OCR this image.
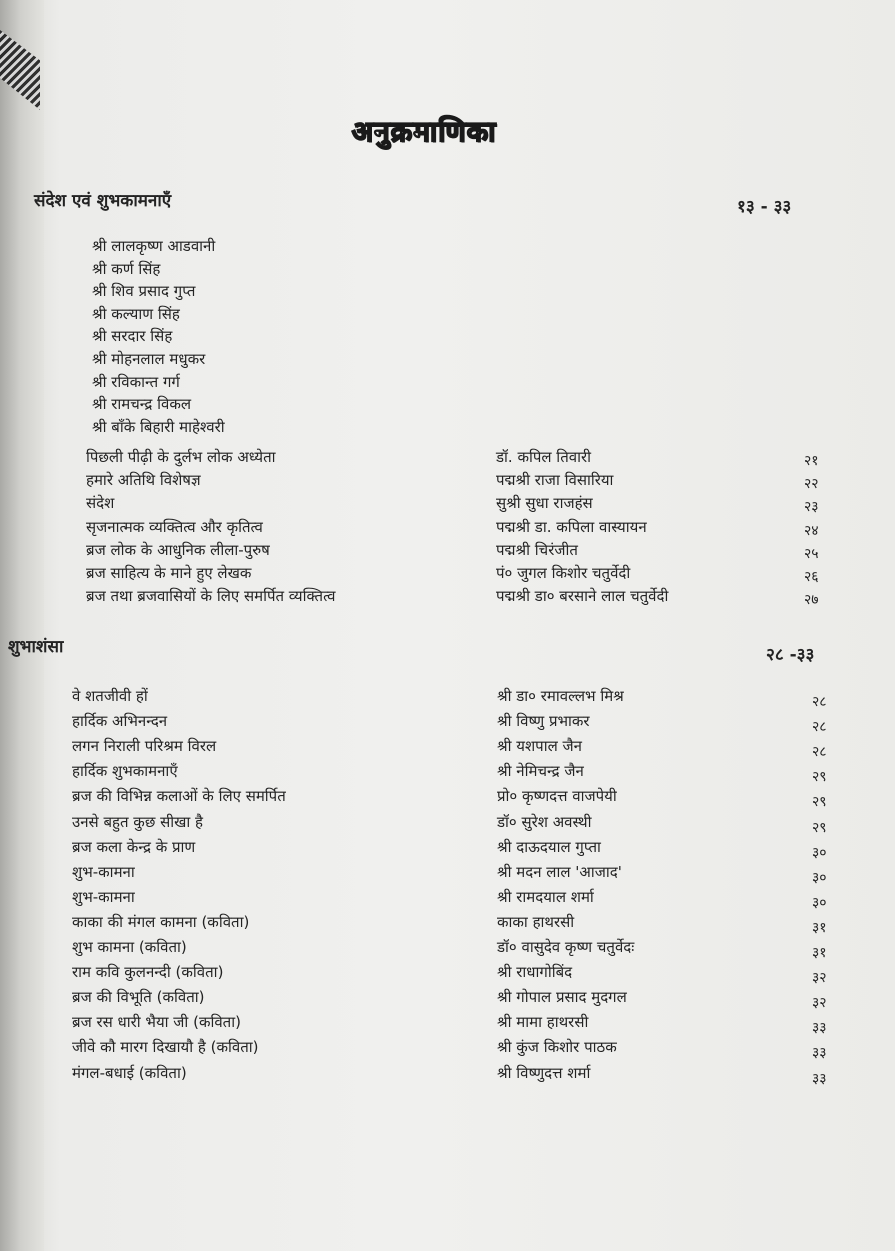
अनुक्रमाणिका
संदेश एवं शुभकामनाएँ	१३ - ३३
श्री लालकृष्ण आडवानी
श्री कर्ण सिंह
श्री शिव प्रसाद गुप्त
श्री कल्याण सिंह
श्री सरदार सिंह
श्री मोहनलाल मधुकर
श्री रविकान्त गर्ग
श्री रामचन्द्र विकल
श्री बाँके बिहारी माहेश्वरी
पिछली पीढ़ी के दुर्लभ लोक अध्येता	डॉ. कपिल तिवारी	२१
हमारे अतिथि विशेषज्ञ	पद्मश्री राजा विसारिया	२२
संदेश	सुश्री सुधा राजहंस	२३
सृजनात्मक व्यक्तित्व और कृतित्व	पद्मश्री डा. कपिला वास्यायन	२४
ब्रज लोक के आधुनिक लीला-पुरुष	पद्मश्री चिरंजीत	२५
ब्रज साहित्य के माने हुए लेखक	पं० जुगल किशोर चतुर्वेदी	२६
ब्रज तथा ब्रजवासियों के लिए समर्पित व्यक्तित्व	पद्मश्री डा० बरसाने लाल चतुर्वेदी	२७
शुभाशंसा	२८ -३३
वे शतजीवी हों	श्री डा० रमावल्लभ मिश्र	२८
हार्दिक अभिनन्दन	श्री विष्णु प्रभाकर	२८
लगन निराली परिश्रम विरल	श्री यशपाल जैन	२८
हार्दिक शुभकामनाएँ	श्री नेमिचन्द्र जैन	२९
ब्रज की विभिन्न कलाओं के लिए समर्पित	प्रो० कृष्णदत्त वाजपेयी	२९
उनसे बहुत कुछ सीखा है	डॉ० सुरेश अवस्थी	२९
ब्रज कला केन्द्र के प्राण	श्री दाऊदयाल गुप्ता	३०
शुभ-कामना	श्री मदन लाल 'आजाद'	३०
शुभ-कामना	श्री रामदयाल शर्मा	३०
काका की मंगल कामना (कविता)	काका हाथरसी	३१
शुभ कामना (कविता)	डॉ० वासुदेव कृष्ण चतुर्वेदः	३१
राम कवि कुलनन्दी (कविता)	श्री राधागोबिंद	३२
ब्रज की विभूति (कविता)	श्री गोपाल प्रसाद मुदगल	३२
ब्रज रस धारी भैया जी (कविता)	श्री मामा हाथरसी	३३
जीवे कौ मारग दिखायौ है (कविता)	श्री कुंज किशोर पाठक	३३
मंगल-बधाई (कविता)	श्री विष्णुदत्त शर्मा	३३
